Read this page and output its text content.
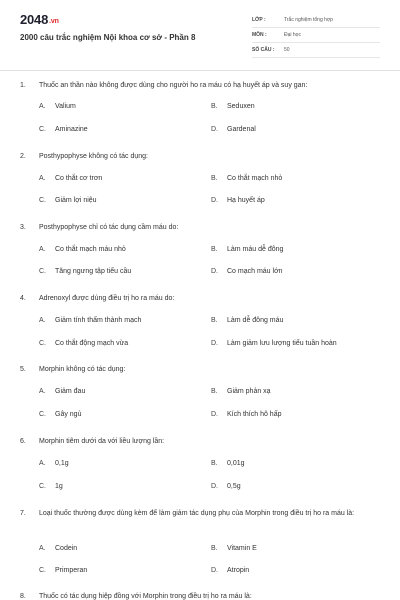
2048.vn
2000 câu trắc nghiệm Nội khoa cơ sở - Phần 8
LỚP :	Trắc nghiệm tổng hợp
MÔN :	Đại học
SỐ CÂU : 50
1. Thuốc an thần nào không được dùng cho người ho ra máu có hạ huyết áp và suy gan:
A. Valium	B. Seduxen
C. Aminazine	D. Gardenal
2. Posthypophyse không có tác dụng:
A. Co thắt cơ trơn	B. Co thắt mạch nhỏ
C. Giảm lợi niệu	D. Hạ huyết áp
3. Posthypophyse chỉ có tác dụng cầm máu do:
A. Co thắt mạch máu nhỏ	B. Làm máu dễ đông
C. Tăng ngưng tập tiểu cầu	D. Co mạch máu lớn
4. Adrenoxyl được dùng điều trị ho ra máu do:
A. Giảm tính thấm thành mạch	B. Làm dễ đông máu
C. Co thắt động mạch vừa	D. Làm giảm lưu lượng tiểu tuần hoàn
5. Morphin không có tác dụng:
A. Giảm đau	B. Giảm phản xạ
C. Gây ngủ	D. Kích thích hô hấp
6. Morphin tiêm dưới da với liều lượng lần:
A. 0,1g	B. 0,01g
C. 1g	D. 0,5g
7. Loại thuốc thường được dùng kèm để làm giảm tác dụng phụ của Morphin trong điều trị ho ra máu là:
A. Codein	B. Vitamin E
C. Primperan	D. Atropin
8. Thuốc có tác dụng hiệp đồng với Morphin trong điều trị ho ra máu là:
